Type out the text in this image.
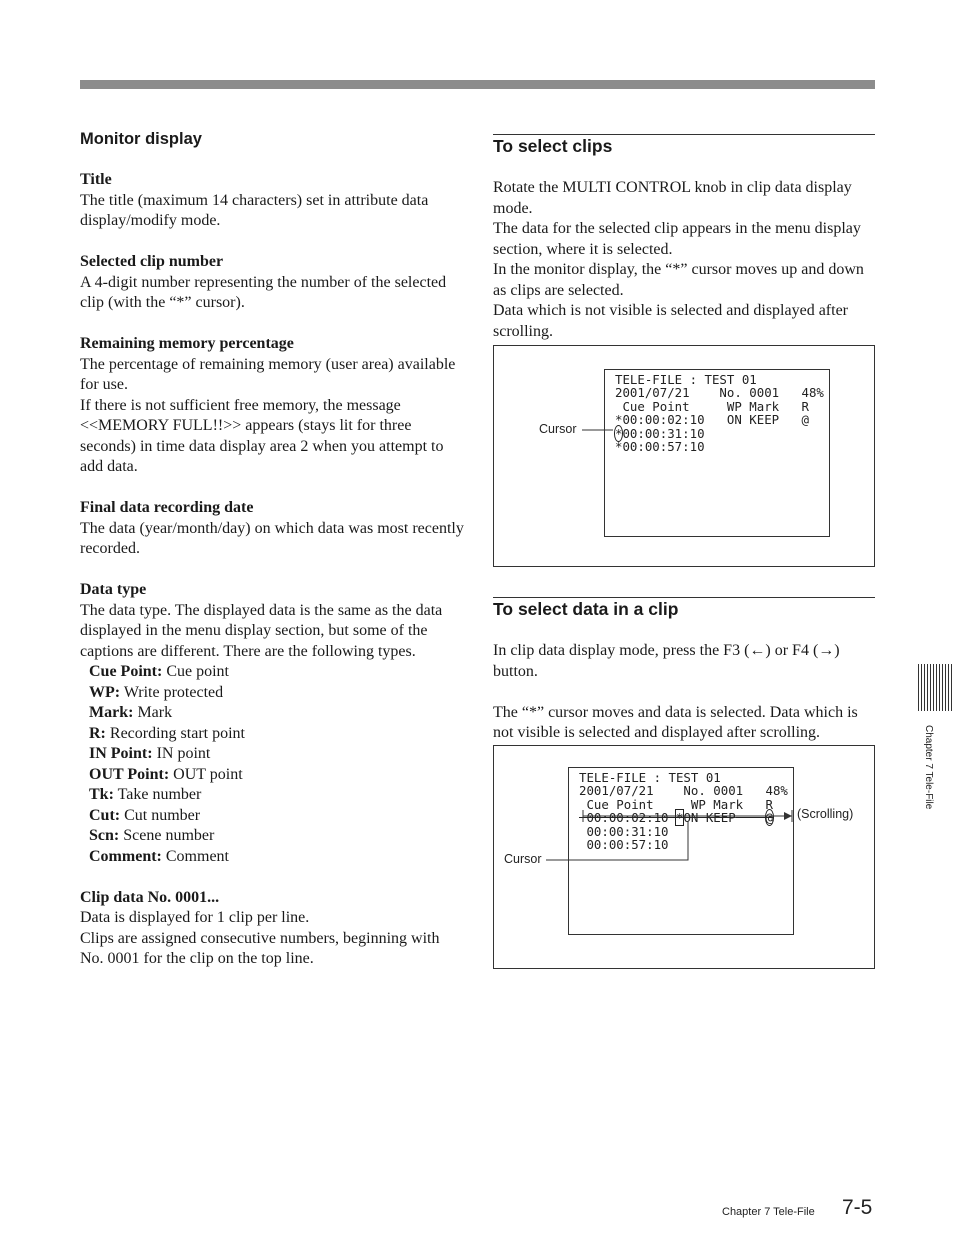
Monitor display
Title
The title (maximum 14 characters) set in attribute data display/modify mode.
Selected clip number
A 4-digit number representing the number of the selected clip (with the “*” cursor).
Remaining memory percentage
The percentage of remaining memory (user area) available for use.
If there is not sufficient free memory, the message <<MEMORY FULL!!>> appears (stays lit for three seconds) in time data display area 2 when you attempt to add data.
Final data recording date
The data (year/month/day) on which data was most recently recorded.
Data type
The data type. The displayed data is the same as the data displayed in the menu display section, but some of the captions are different. There are the following types.
Cue Point: Cue point
WP: Write protected
Mark: Mark
R: Recording start point
IN Point: IN point
OUT Point: OUT point
Tk: Take number
Cut: Cut number
Scn: Scene number
Comment: Comment
Clip data No. 0001...
Data is displayed for 1 clip per line.
Clips are assigned consecutive numbers, beginning with No. 0001 for the clip on the top line.
To select clips
Rotate the MULTI CONTROL knob in clip data display mode.
The data for the selected clip appears in the menu display section, where it is selected.
In the monitor display, the “*” cursor moves up and down as clips are selected.
Data which is not visible is selected and displayed after scrolling.
TELE-FILE : TEST 01
2001/07/21    No. 0001   48%
Cue Point     WP Mark   R
*00:00:02:10   ON KEEP   @
*00:00:31:10
*00:00:57:10
Cursor
To select data in a clip
In clip data display mode, press the F3 (←) or F4 (→) button.
The “*” cursor moves and data is selected. Data which is not visible is selected and displayed after scrolling.
TELE-FILE : TEST 01
2001/07/21    No. 0001   48%
Cue Point     WP Mark   R
00:00:02:10 *ON KEEP @
00:00:31:10
00:00:57:10
Cursor
(Scrolling)
Chapter 7 Tele-File
Chapter 7 Tele-File 7-5
